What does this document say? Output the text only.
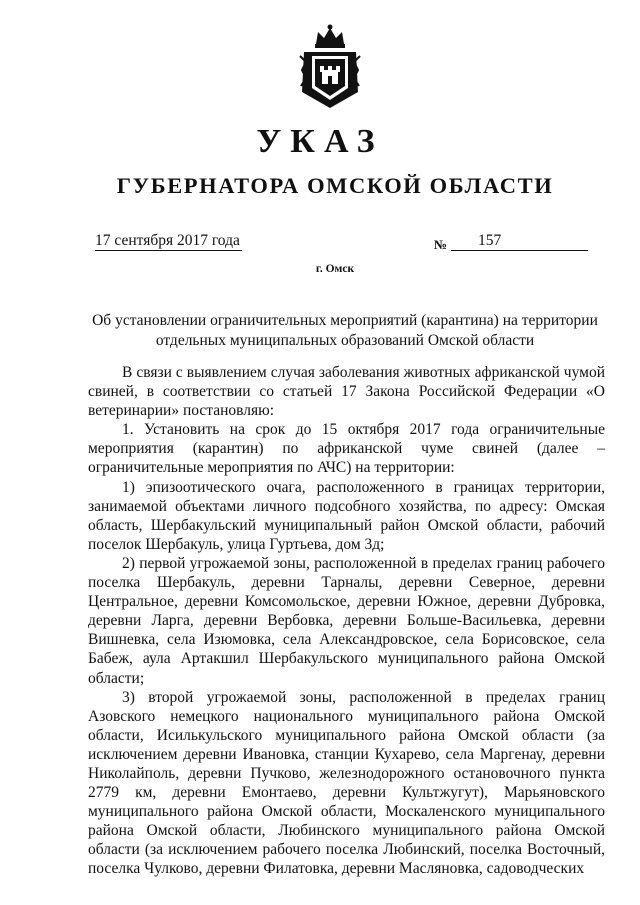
УКАЗ
ГУБЕРНАТОРА ОМСКОЙ ОБЛАСТИ
17 сентября 2017 года	№ 157
г. Омск
Об установлении ограничительных мероприятий (карантина) на территории отдельных муниципальных образований Омской области

В связи с выявлением случая заболевания животных африканской чумой свиней, в соответствии со статьей 17 Закона Российской Федерации «О ветеринарии» постановляю:

1. Установить на срок до 15 октября 2017 года ограничительные мероприятия (карантин) по африканской чуме свиней (далее – ограничительные мероприятия по АЧС) на территории:

1) эпизоотического очага, расположенного в границах территории, занимаемой объектами личного подсобного хозяйства, по адресу: Омская область, Шербакульский муниципальный район Омской области, рабочий поселок Шербакуль, улица Гуртьева, дом 3д;

2) первой угрожаемой зоны, расположенной в пределах границ рабочего поселка Шербакуль, деревни Тарналы, деревни Северное, деревни Центральное, деревни Комсомольское, деревни Южное, деревни Дубровка, деревни Ларга, деревни Вербовка, деревни Больше-Васильевка, деревни Вишневка, села Изюмовка, села Александровское, села Борисовское, села Бабеж, аула Артакшил Шербакульского муниципального района Омской области;

3) второй угрожаемой зоны, расположенной в пределах границ Азовского немецкого национального муниципального района Омской области, Исилькульского муниципального района Омской области (за исключением деревни Ивановка, станции Кухарево, села Маргенау, деревни Николайполь, деревни Пучково, железнодорожного остановочного пункта 2779 км, деревни Емонтаево, деревни Культжугут), Марьяновского муниципального района Омской области, Москаленского муниципального района Омской области, Любинского муниципального района Омской области (за исключением рабочего поселка Любинский, поселка Восточный, поселка Чулково, деревни Филатовка, деревни Масляновка, садоводческих
